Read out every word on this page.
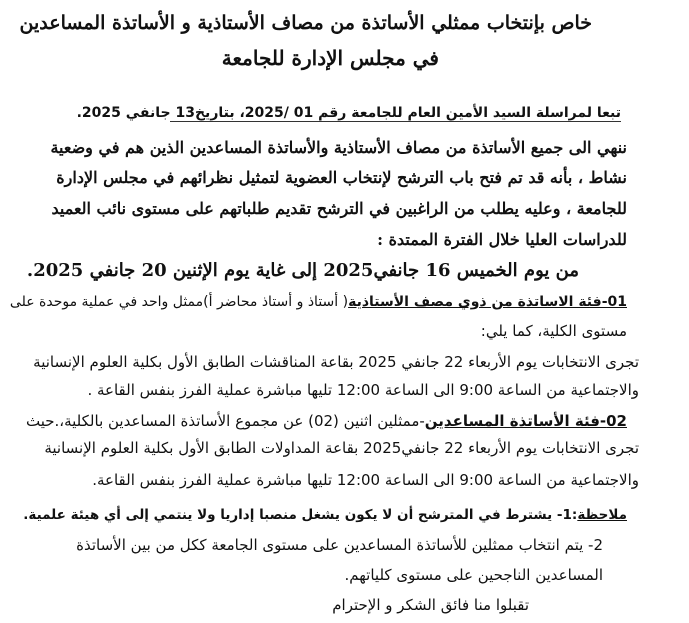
خاص بإنتخاب ممثلي الأساتذة من مصاف الأستاذية و الأساتذة المساعدين
في مجلس الإدارة للجامعة
تبعا لمراسلة السيد الأمين العام للجامعة رقم 01 /2025، بتاريخ13 جانفي 2025.
ننهي الى جميع الأساتذة من مصاف الأستاذية والأساتذة المساعدين الذين هم في وضعية
نشاط ، بأنه قد تم فتح باب الترشح لإنتخاب العضوية لتمثيل نظرائهم في مجلس الإدارة
للجامعة ، وعليه يطلب من الراغبين في الترشح تقديم طلباتهم على مستوى نائب العميد
للدراسات العليا خلال الفترة الممتدة :
من يوم الخميس 16 جانفي2025 إلى غاية يوم الإثنين 20 جانفي 2025.
01-فئة الاساتذة من ذوي مصف الأستاذية( أستاذ و أستاذ محاضر أ)ممثل واحد في عملية موحدة على
مستوى الكلية، كما يلي:
تجرى الانتخابات يوم الأربعاء 22 جانفي 2025 بقاعة المناقشات الطابق الأول بكلية العلوم الإنسانية
والاجتماعية من الساعة 9:00 الى الساعة 12:00 تليها مباشرة عملية الفرز بنفس القاعة .
02-فئة الأساتذة المساعدين-ممثلين اثنين (02) عن مجموع الأساتذة المساعدين بالكلية،.حيث
تجرى الانتخابات يوم الأربعاء 22 جانفي2025 بقاعة المداولات الطابق الأول بكلية العلوم الإنسانية
والاجتماعية من الساعة 9:00 الى الساعة 12:00 تليها مباشرة عملية الفرز بنفس القاعة.
ملاحظة:1- يشترط في المترشح أن لا يكون يشغل منصبا إداريا ولا ينتمي إلى أي هيئة علمية.
2- يتم انتخاب ممثلين للأساتذة المساعدين على مستوى الجامعة ككل من بين الأساتذة
المساعدين الناجحين على مستوى كلياتهم.
تقبلوا منا فائق الشكر و الإحترام
